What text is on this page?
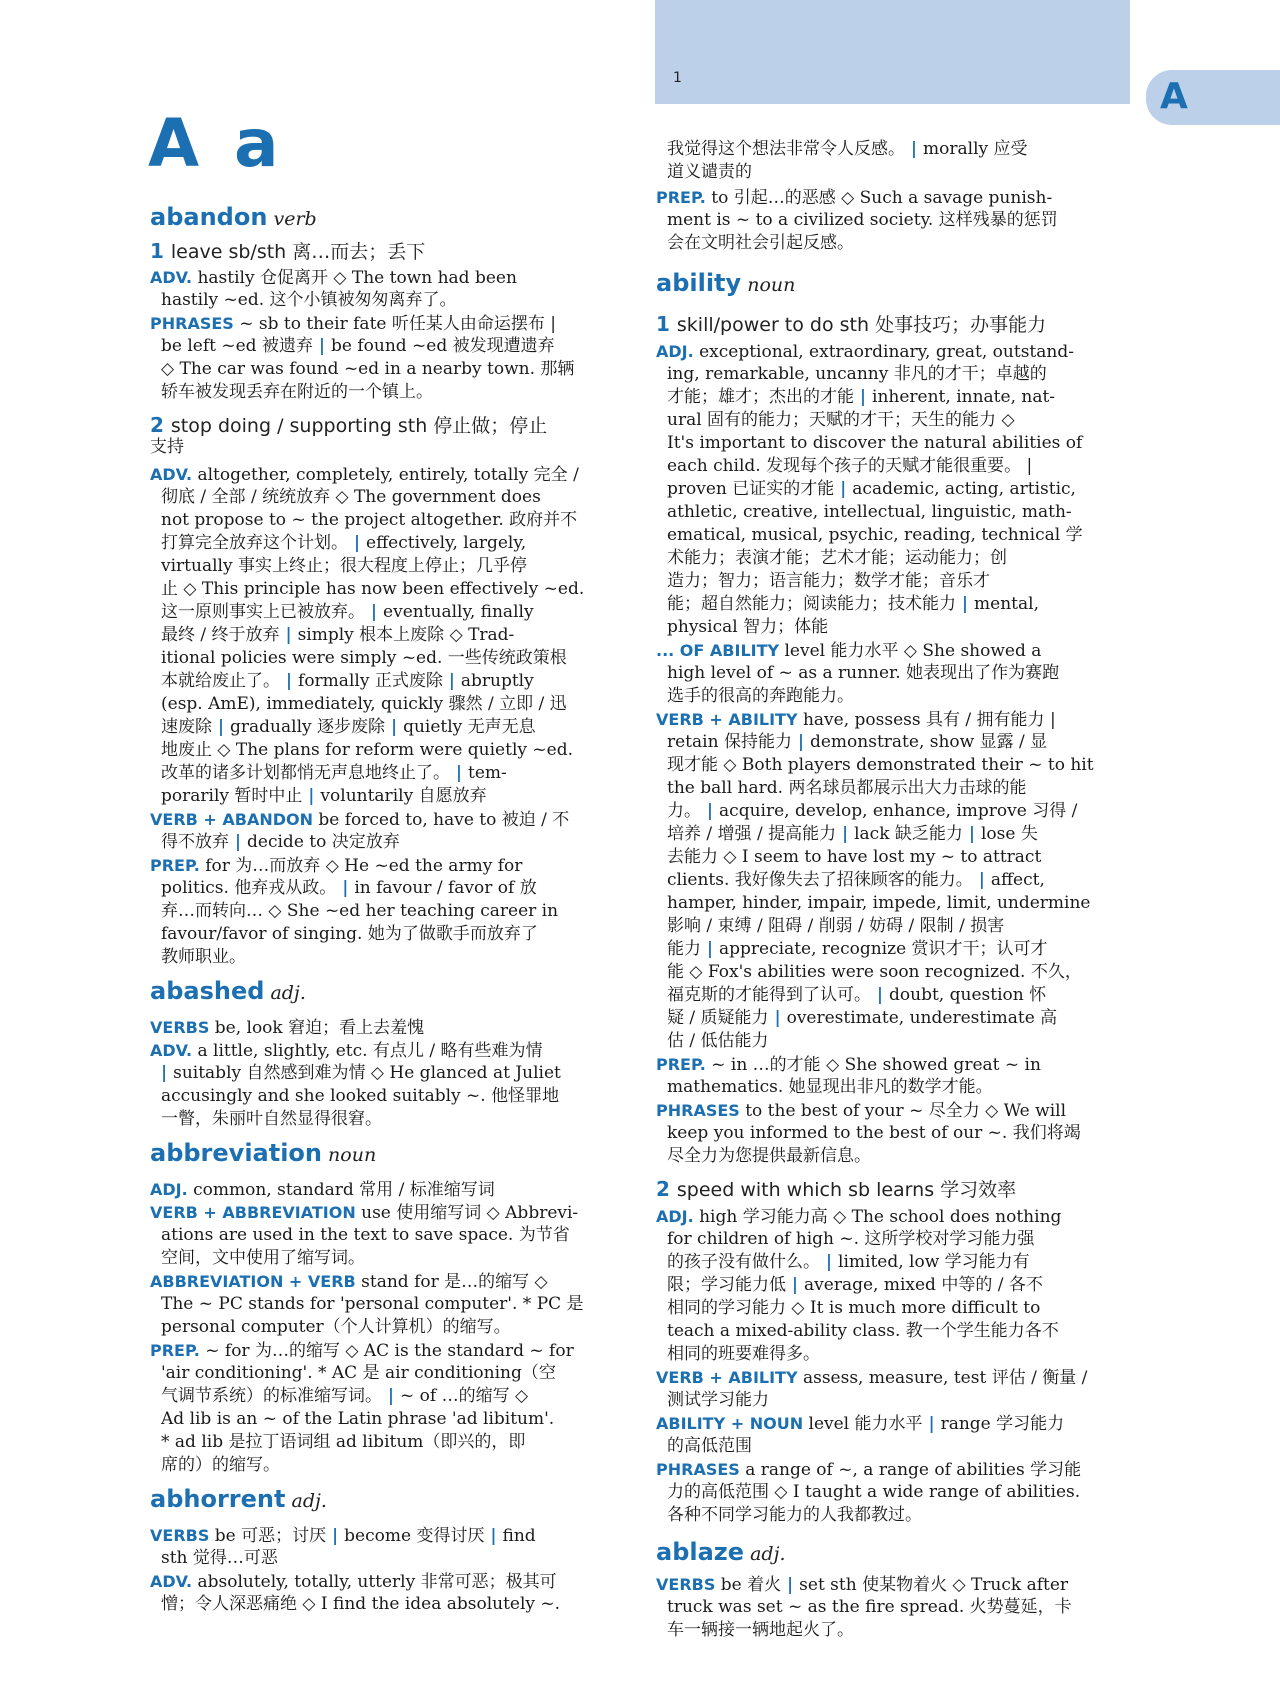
1	A
A a
abandon verb
1 leave sb/sth 离…而去；丢下
ADV. hastily 仓促离开 ◇ The town had been
hastily ~ed. 这个小镇被匆匆离弃了。
PHRASES ~ sb to their fate 听任某人由命运摆布 |
be left ~ed 被遗弃 | be found ~ed 被发现遭遗弃
◇ The car was found ~ed in a nearby town. 那辆
轿车被发现丢弃在附近的一个镇上。
2 stop doing / supporting sth 停止做；停止
支持
ADV. altogether, completely, entirely, totally 完全 /
彻底 / 全部 / 统统放弃 ◇ The government does
not propose to ~ the project altogether. 政府并不
打算完全放弃这个计划。 | effectively, largely,
virtually 事实上终止；很大程度上停止；几乎停
止 ◇ This principle has now been effectively ~ed.
这一原则事实上已被放弃。 | eventually, finally
最终 / 终于放弃 | simply 根本上废除 ◇ Trad-
itional policies were simply ~ed. 一些传统政策根
本就给废止了。 | formally 正式废除 | abruptly
(esp. AmE), immediately, quickly 骤然 / 立即 / 迅
速废除 | gradually 逐步废除 | quietly 无声无息
地废止 ◇ The plans for reform were quietly ~ed.
改革的诸多计划都悄无声息地终止了。 | tem-
porarily 暂时中止 | voluntarily 自愿放弃
VERB + ABANDON be forced to, have to 被迫 / 不
得不放弃 | decide to 决定放弃
PREP. for 为…而放弃 ◇ He ~ed the army for
politics. 他弃戎从政。 | in favour / favor of 放
弃…而转向… ◇ She ~ed her teaching career in
favour/favor of singing. 她为了做歌手而放弃了
教师职业。
abashed adj.
VERBS be, look 窘迫；看上去羞愧
ADV. a little, slightly, etc. 有点儿 / 略有些难为情
| suitably 自然感到难为情 ◇ He glanced at Juliet
accusingly and she looked suitably ~. 他怪罪地
一瞥，朱丽叶自然显得很窘。
abbreviation noun
ADJ. common, standard 常用 / 标准缩写词
VERB + ABBREVIATION use 使用缩写词 ◇ Abbrevi-
ations are used in the text to save space. 为节省
空间，文中使用了缩写词。
ABBREVIATION + VERB stand for 是…的缩写 ◇
The ~ PC stands for 'personal computer'. * PC 是
personal computer（个人计算机）的缩写。
PREP. ~ for 为…的缩写 ◇ AC is the standard ~ for
'air conditioning'. * AC 是 air conditioning（空
气调节系统）的标准缩写词。 | ~ of …的缩写 ◇
Ad lib is an ~ of the Latin phrase 'ad libitum'.
* ad lib 是拉丁语词组 ad libitum（即兴的，即
席的）的缩写。
abhorrent adj.
VERBS be 可恶；讨厌 | become 变得讨厌 | find
sth 觉得…可恶
ADV. absolutely, totally, utterly 非常可恶；极其可
憎；令人深恶痛绝 ◇ I find the idea absolutely ~.
我觉得这个想法非常令人反感。 | morally 应受
道义谴责的
PREP. to 引起…的恶感 ◇ Such a savage punish-
ment is ~ to a civilized society. 这样残暴的惩罚
会在文明社会引起反感。
ability noun
1 skill/power to do sth 处事技巧；办事能力
ADJ. exceptional, extraordinary, great, outstand-
ing, remarkable, uncanny 非凡的才干；卓越的
才能；雄才；杰出的才能 | inherent, innate, nat-
ural 固有的能力；天赋的才干；天生的能力 ◇
It's important to discover the natural abilities of
each child. 发现每个孩子的天赋才能很重要。 |
proven 已证实的才能 | academic, acting, artistic,
athletic, creative, intellectual, linguistic, math-
ematical, musical, psychic, reading, technical 学
术能力；表演才能；艺术才能；运动能力；创
造力；智力；语言能力；数学才能；音乐才
能；超自然能力；阅读能力；技术能力 | mental,
physical 智力；体能
... OF ABILITY level 能力水平 ◇ She showed a
high level of ~ as a runner. 她表现出了作为赛跑
选手的很高的奔跑能力。
VERB + ABILITY have, possess 具有 / 拥有能力 |
retain 保持能力 | demonstrate, show 显露 / 显
现才能 ◇ Both players demonstrated their ~ to hit
the ball hard. 两名球员都展示出大力击球的能
力。 | acquire, develop, enhance, improve 习得 /
培养 / 增强 / 提高能力 | lack 缺乏能力 | lose 失
去能力 ◇ I seem to have lost my ~ to attract
clients. 我好像失去了招徕顾客的能力。 | affect,
hamper, hinder, impair, impede, limit, undermine
影响 / 束缚 / 阻碍 / 削弱 / 妨碍 / 限制 / 损害
能力 | appreciate, recognize 赏识才干；认可才
能 ◇ Fox's abilities were soon recognized. 不久，
福克斯的才能得到了认可。 | doubt, question 怀
疑 / 质疑能力 | overestimate, underestimate 高
估 / 低估能力
PREP. ~ in …的才能 ◇ She showed great ~ in
mathematics. 她显现出非凡的数学才能。
PHRASES to the best of your ~ 尽全力 ◇ We will
keep you informed to the best of our ~. 我们将竭
尽全力为您提供最新信息。
2 speed with which sb learns 学习效率
ADJ. high 学习能力高 ◇ The school does nothing
for children of high ~. 这所学校对学习能力强
的孩子没有做什么。 | limited, low 学习能力有
限；学习能力低 | average, mixed 中等的 / 各不
相同的学习能力 ◇ It is much more difficult to
teach a mixed-ability class. 教一个学生能力各不
相同的班要难得多。
VERB + ABILITY assess, measure, test 评估 / 衡量 /
测试学习能力
ABILITY + NOUN level 能力水平 | range 学习能力
的高低范围
PHRASES a range of ~, a range of abilities 学习能
力的高低范围 ◇ I taught a wide range of abilities.
各种不同学习能力的人我都教过。
ablaze adj.
VERBS be 着火 | set sth 使某物着火 ◇ Truck after
truck was set ~ as the fire spread. 火势蔓延，卡
车一辆接一辆地起火了。
